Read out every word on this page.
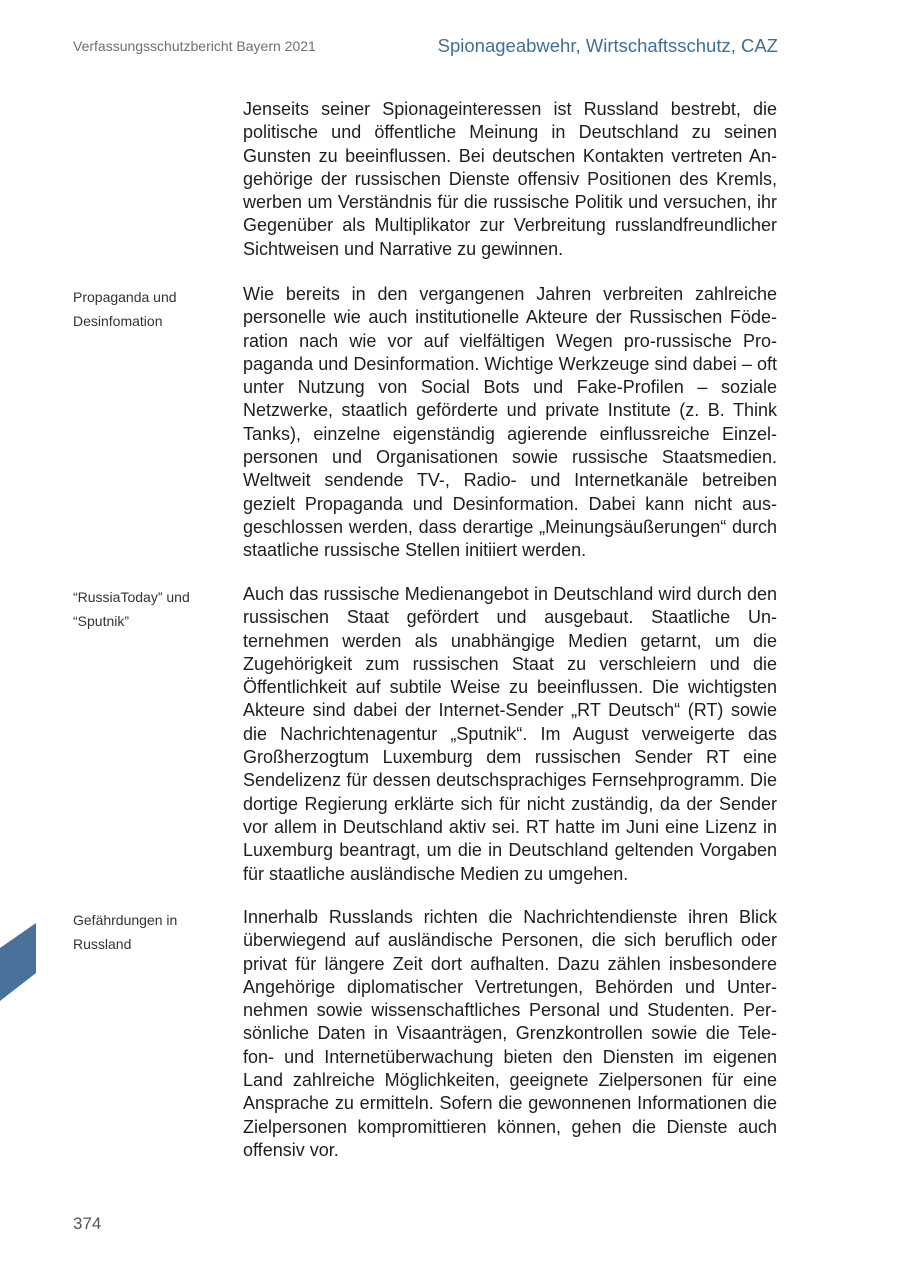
Verfassungsschutzbericht Bayern 2021	Spionageabwehr, Wirtschaftsschutz, CAZ
Jenseits seiner Spionageinteressen ist Russland bestrebt, die politische und öffentliche Meinung in Deutschland zu seinen Gunsten zu beeinflussen. Bei deutschen Kontakten vertreten Angehörige der russischen Dienste offensiv Positionen des Kremls, werben um Verständnis für die russische Politik und versuchen, ihr Gegenüber als Multiplikator zur Verbreitung russlandfreundlicher Sichtweisen und Narrative zu gewinnen.
Propaganda und Desinfomation
Wie bereits in den vergangenen Jahren verbreiten zahlreiche personelle wie auch institutionelle Akteure der Russischen Föderation nach wie vor auf vielfältigen Wegen pro-russische Propaganda und Desinformation. Wichtige Werkzeuge sind dabei – oft unter Nutzung von Social Bots und Fake-Profilen – soziale Netzwerke, staatlich geförderte und private Institute (z. B. Think Tanks), einzelne eigenständig agierende einflussreiche Einzelpersonen und Organisationen sowie russische Staatsmedien. Weltweit sendende TV-, Radio- und Internetkanäle betreiben gezielt Propaganda und Desinformation. Dabei kann nicht ausgeschlossen werden, dass derartige „Meinungsäußerungen“ durch staatliche russische Stellen initiiert werden.
“RussiaToday” und “Sputnik”
Auch das russische Medienangebot in Deutschland wird durch den russischen Staat gefördert und ausgebaut. Staatliche Unternehmen werden als unabhängige Medien getarnt, um die Zugehörigkeit zum russischen Staat zu verschleiern und die Öffentlichkeit auf subtile Weise zu beeinflussen. Die wichtigsten Akteure sind dabei der Internet-Sender „RT Deutsch“ (RT) sowie die Nachrichtenagentur „Sputnik“. Im August verweigerte das Großherzogtum Luxemburg dem russischen Sender RT eine Sendelizenz für dessen deutschsprachiges Fernsehprogramm. Die dortige Regierung erklärte sich für nicht zuständig, da der Sender vor allem in Deutschland aktiv sei. RT hatte im Juni eine Lizenz in Luxemburg beantragt, um die in Deutschland geltenden Vorgaben für staatliche ausländische Medien zu umgehen.
Gefährdungen in Russland
Innerhalb Russlands richten die Nachrichtendienste ihren Blick überwiegend auf ausländische Personen, die sich beruflich oder privat für längere Zeit dort aufhalten. Dazu zählen insbesondere Angehörige diplomatischer Vertretungen, Behörden und Unternehmen sowie wissenschaftliches Personal und Studenten. Persönliche Daten in Visaanträgen, Grenzkontrollen sowie die Telefon- und Internetüberwachung bieten den Diensten im eigenen Land zahlreiche Möglichkeiten, geeignete Zielpersonen für eine Ansprache zu ermitteln. Sofern die gewonnenen Informationen die Zielpersonen kompromittieren können, gehen die Dienste auch offensiv vor.
374
